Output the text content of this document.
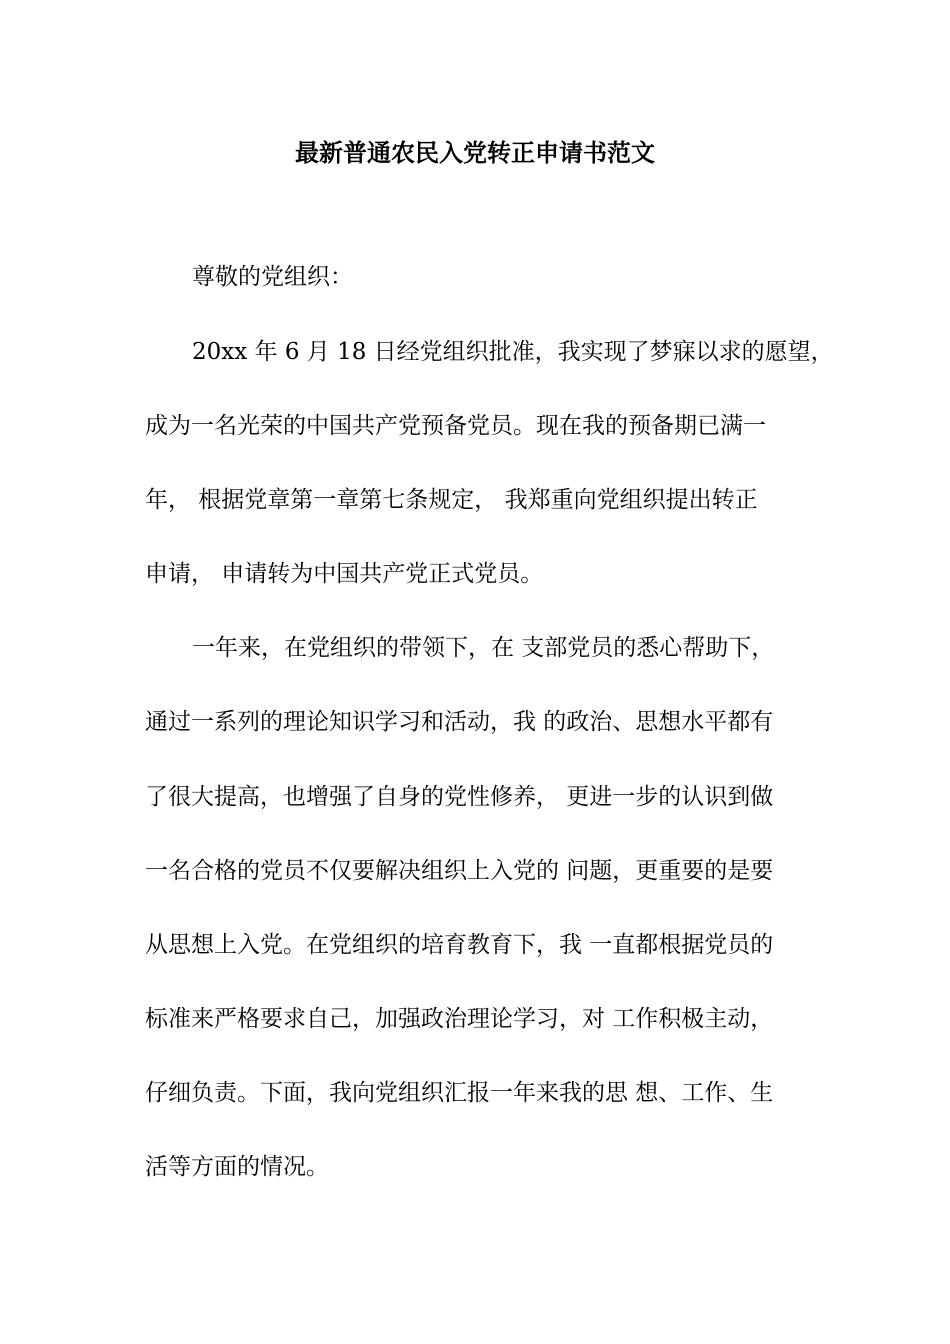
最新普通农民入党转正申请书范文
尊敬的党组织：
20xx 年 6 月 18 日经党组织批准，我实现了梦寐以求的愿望，
成为一名光荣的中国共产党预备党员。现在我的预备期已满一
年， 根据党章第一章第七条规定， 我郑重向党组织提出转正
申请， 申请转为中国共产党正式党员。
一年来，在党组织的带领下，在 支部党员的悉心帮助下，
通过一系列的理论知识学习和活动，我 的政治、思想水平都有
了很大提高，也增强了自身的党性修养， 更进一步的认识到做
一名合格的党员不仅要解决组织上入党的 问题，更重要的是要
从思想上入党。在党组织的培育教育下，我 一直都根据党员的
标准来严格要求自己，加强政治理论学习，对 工作积极主动，
仔细负责。下面，我向党组织汇报一年来我的思 想、工作、生
活等方面的情况。
